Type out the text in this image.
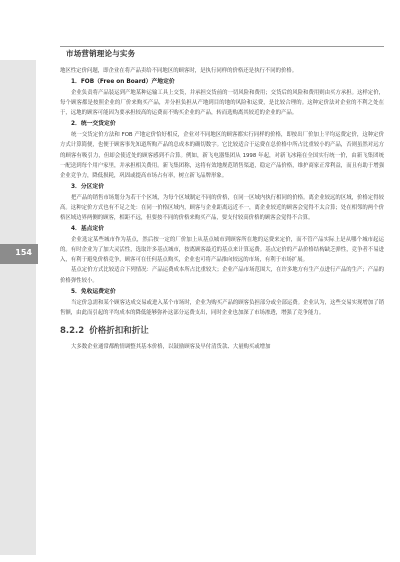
市场营销理论与实务
154

地区性定价问题，即企业在将产品卖给不同地区的顾客时，是执行同样的价格还是执行不同的价格。

1．FOB（Free on Board）产地定价

企业负责将产品装运到产地某种运输工具上交货，并承担交货前的一切风险和费用；交货后的风险和费用则由买方承担。这样定价，每个顾客都是按照企业的厂价来购买产品，并分担负担从产地到目的地的风险和运费，是比较合理的。这种定价法对企业的不利之处在于，远地的顾客可能因为要承担较高的运费而不购买企业的产品，转而选购离其较近的企业的产品。

2．统一交货定价

统一交货定价方法和 FOB 产地定价恰好相反，企业对不同地区的顾客都实行同样的价格，即按出厂价加上平均运费定价，这种定价方式计算简便，也便于顾客事先知道所购产品的总成本的确切数字。它比较适合于运费在总价格中所占比重较小的产品，否则虽然对远方的顾客有吸引力，但却会使近处的顾客感到不合算。例如，新飞电器集团从 1998 年起，对新飞冰箱在全国实行统一价，由新飞集团统一配送到每个用户家里，并承担相关费用。新飞集团称，这将有效地规范销售渠道，稳定产品价格，维护商家正常利益，而且有助于增强企业竞争力，降低损耗，巩固或提高市场占有率，树立新飞品牌形象。

3．分区定价

把产品的销售市场划分为若干个区域，为每个区域制定不同的价格，在同一区域内执行相同的价格。离企业较远的区域，价格定得较高。这种定价方式也有不足之处：在同一价格区域内，顾客与企业距离远近不一，离企业较近的顾客会觉得不太合算；处在相邻的两个价格区域边界两侧的顾客，相距不远，但要按不同的价格来购买产品，要支付较高价格的顾客会觉得不合算。

4．基点定价

企业选定某些城市作为基点，然后按一定的厂价加上从基点城市到顾客所在地的运费来定价，而不管产品实际上是从哪个城市起运的。有时企业为了加大灵活性，选取许多基点城市，按离顾客最近的基点来计算运费。基点定价的产品价格结构缺乏弹性，竞争者不易进入，有利于避免价格竞争，顾客可在任何基点购买，企业也可将产品推向较远的市场，有利于市场扩展。

基点定价方式比较适合下列情况：产品运费成本所占比重较大；企业产品市场范围大，在许多地方有生产点进行产品的生产；产品的价格弹性较小。

5．免收运费定价

当定价急需和某个顾客达成交易或进入某个市场时，企业为购买产品的顾客负担部分或全部运费。企业认为，这些交易实现增加了销售额，由此而引起的平均成本的降低能够弥补这部分运费支出，同时企业也加深了市场渗透，增强了竞争能力。

8.2.2 价格折扣和折让

大多数企业通常都酌情调整其基本价格，以鼓励顾客及早付清货款、大量购买或增加
